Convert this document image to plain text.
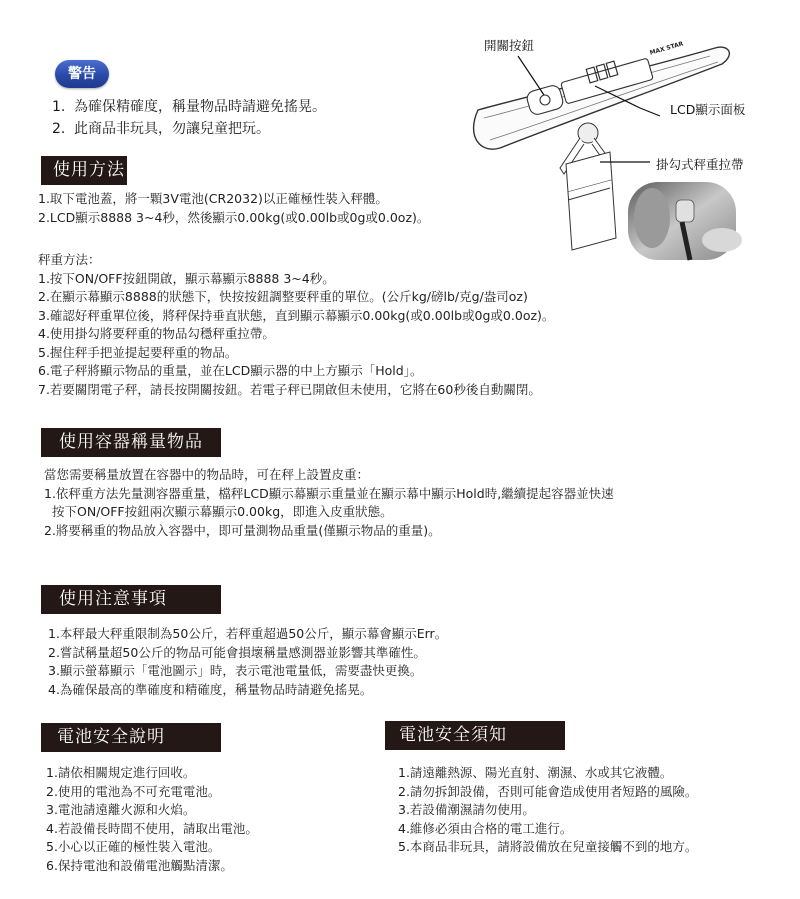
警告
1. 為確保精確度，稱量物品時請避免搖晃。
2. 此商品非玩具，勿讓兒童把玩。
MAX STAR
開關按鈕
LCD顯示面板
掛勾式秤重拉帶
使用方法
1.取下電池蓋，將一顆3V電池(CR2032)以正確極性裝入秤體。
2.LCD顯示8888 3~4秒，然後顯示0.00kg(或0.00lb或0g或0.0oz)。
秤重方法：
1.按下ON/OFF按鈕開啟，顯示幕顯示8888 3~4秒。
2.在顯示幕顯示8888的狀態下，快按按鈕調整要秤重的單位。(公斤kg/磅lb/克g/盎司oz)
3.確認好秤重單位後，將秤保持垂直狀態，直到顯示幕顯示0.00kg(或0.00lb或0g或0.0oz)。
4.使用掛勾將要秤重的物品勾穩秤重拉帶。
5.握住秤手把並提起要秤重的物品。
6.電子秤將顯示物品的重量，並在LCD顯示器的中上方顯示「Hold」。
7.若要關閉電子秤，請長按開關按鈕。若電子秤已開啟但未使用，它將在60秒後自動關閉。
使用容器稱量物品
當您需要稱量放置在容器中的物品時，可在秤上設置皮重：
1.依秤重方法先量測容器重量，檔秤LCD顯示幕顯示重量並在顯示幕中顯示Hold時,繼續提起容器並快速
按下ON/OFF按鈕兩次顯示幕顯示0.00kg，即進入皮重狀態。
2.將要稱重的物品放入容器中，即可量測物品重量(僅顯示物品的重量)。
使用注意事項
1.本秤最大秤重限制為50公斤，若秤重超過50公斤，顯示幕會顯示Err。
2.嘗試稱量超50公斤的物品可能會損壞稱量感測器並影響其準確性。
3.顯示螢幕顯示「電池圖示」時，表示電池電量低，需要盡快更換。
4.為確保最高的準確度和精確度，稱量物品時請避免搖晃。
電池安全說明
1.請依相關規定進行回收。
2.使用的電池為不可充電電池。
3.電池請遠離火源和火焰。
4.若設備長時間不使用，請取出電池。
5.小心以正確的極性裝入電池。
6.保持電池和設備電池觸點清潔。
電池安全須知
1.請遠離熱源、陽光直射、潮濕、水或其它液體。
2.請勿拆卸設備，否則可能會造成使用者短路的風險。
3.若設備潮濕請勿使用。
4.維修必須由合格的電工進行。
5.本商品非玩具，請將設備放在兒童接觸不到的地方。
